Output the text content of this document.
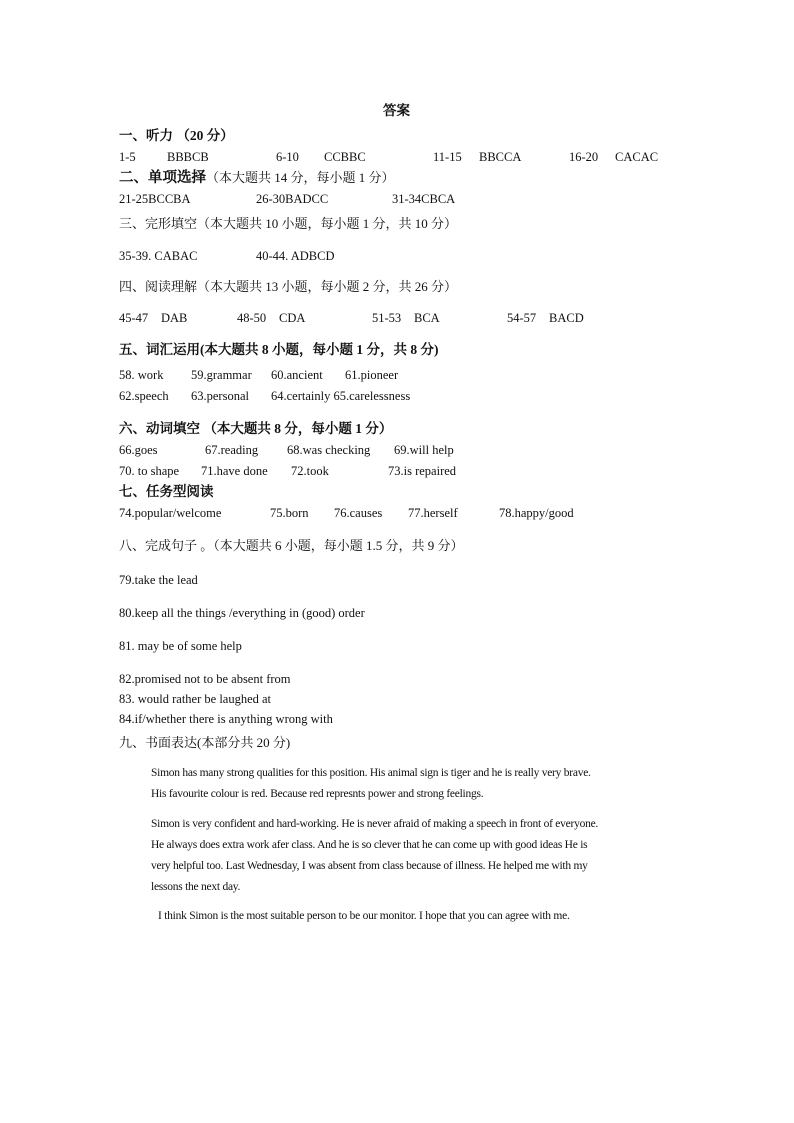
答案
一、听力 （20 分）
1-5	BBBCB	6-10 CCBBC	11-15 BBCCA	16-20 CACAC
二、单项选择（本大题共 14 分，每小题 1 分）
21-25BCCBA	26-30BADCC	31-34CBCA
三、完形填空（本大题共 10 小题，每小题 1 分，共 10 分）
35-39. CABAC	40-44. ADBCD
四、阅读理解（本大题共 13 小题，每小题 2 分，共 26 分）
45-47 DAB	48-50 CDA	51-53 BCA	54-57 BACD
五、词汇运用(本大题共 8 小题，每小题 1 分，共 8 分)
58. work 59.grammar 60.ancient 61.pioneer
62.speech 63.personal 64.certainly 65.carelessness
六、动词填空 （本大题共 8 分，每小题 1 分）
66.goes	67.reading 68.was checking 69.will help
70. to shape 71.have done 72.took	73.is repaired
七、任务型阅读
74.popular/welcome	75.born 76.causes 77.herself	78.happy/good
八、完成句子 。（本大题共 6 小题，每小题 1.5 分，共 9 分）
79.take the lead
80.keep all the things /everything in (good) order
81. may be of some help
82.promised not to be absent from
83. would rather be laughed at
84.if/whether there is anything wrong with
九、书面表达(本部分共 20 分)
Simon has many strong qualities for this position. His animal sign is tiger and he is really very brave.
His favourite colour is red. Because red represnts power and strong feelings.
Simon is very confident and hard-working. He is never afraid of making a speech in front of everyone.
He always does extra work afer class. And he is so clever that he can come up with good ideas He is
very helpful too. Last Wednesday, I was absent from class because of illness. He helped me with my
lessons the next day.
I think Simon is the most suitable person to be our monitor. I hope that you can agree with me.
